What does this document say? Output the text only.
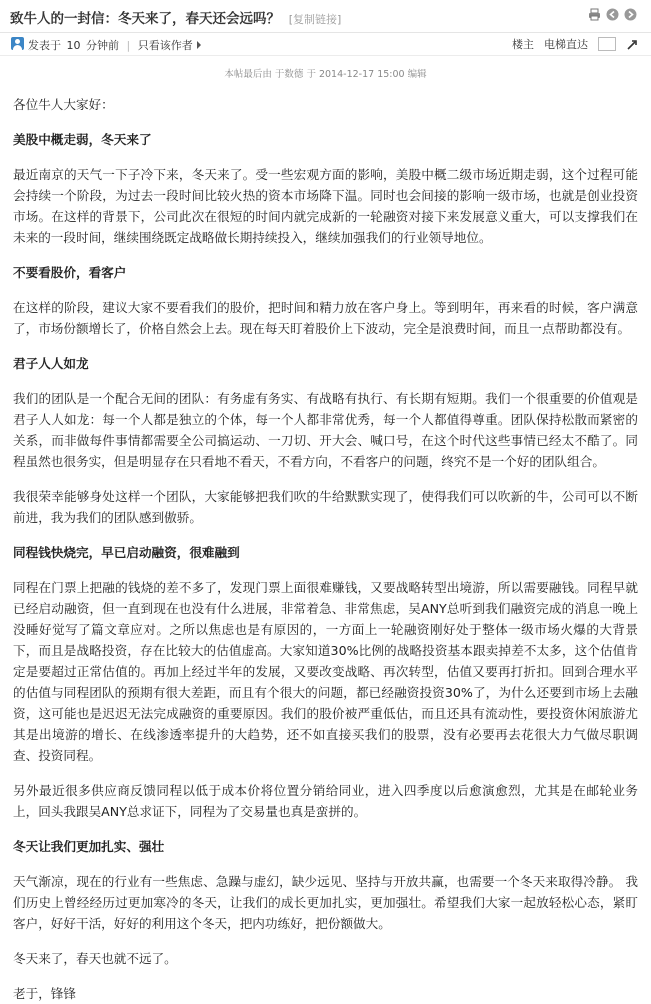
致牛人的一封信：冬天来了，春天还会远吗？ [复制链接]
发表于 10 分钟前 | 只看该作者	楼主 电梯直达
本帖最后由 于数德 于 2014-12-17 15:00 编辑

各位牛人大家好：

美股中概走弱，冬天来了

最近南京的天气一下子冷下来，冬天来了。受一些宏观方面的影响，美股中概二级市场近期走弱，这个过程可能会持续一个阶段，为过去一段时间比较火热的资本市场降下温。同时也会间接的影响一级市场，也就是创业投资市场。在这样的背景下，公司此次在很短的时间内就完成新的一轮融资对接下来发展意义重大，可以支撑我们在未来的一段时间，继续围绕既定战略做长期持续投入，继续加强我们的行业领导地位。

不要看股价，看客户

在这样的阶段，建议大家不要看我们的股价，把时间和精力放在客户身上。等到明年，再来看的时候，客户满意了，市场份额增长了，价格自然会上去。现在每天盯着股价上下波动，完全是浪费时间，而且一点帮助都没有。

君子人人如龙

我们的团队是一个配合无间的团队：有务虚有务实、有战略有执行、有长期有短期。我们一个很重要的价值观是君子人人如龙：每一个人都是独立的个体，每一个人都非常优秀，每一个人都值得尊重。团队保持松散而紧密的关系，而非做每件事情都需要全公司搞运动、一刀切、开大会、喊口号，在这个时代这些事情已经太不酷了。同程虽然也很务实，但是明显存在只看地不看天，不看方向，不看客户的问题，终究不是一个好的团队组合。

我很荣幸能够身处这样一个团队，大家能够把我们吹的牛给默默实现了，使得我们可以吹新的牛，公司可以不断前进，我为我们的团队感到傲骄。

同程钱快烧完，早已启动融资，很难融到

同程在门票上把融的钱烧的差不多了，发现门票上面很难赚钱，又要战略转型出境游，所以需要融钱。同程早就已经启动融资，但一直到现在也没有什么进展，非常着急、非常焦虑，吴ANY总听到我们融资完成的消息一晚上没睡好觉写了篇文章应对。之所以焦虑也是有原因的，一方面上一轮融资刚好处于整体一级市场火爆的大背景下，而且是战略投资，存在比较大的估值虚高。大家知道30%比例的战略投资基本跟卖掉差不太多，这个估值肯定是要超过正常估值的。再加上经过半年的发展，又要改变战略、再次转型，估值又要再打折扣。回到合理水平的估值与同程团队的预期有很大差距，而且有个很大的问题，都已经融资投资30%了，为什么还要到市场上去融资，这可能也是迟迟无法完成融资的重要原因。我们的股价被严重低估，而且还具有流动性，要投资休闲旅游尤其是出境游的增长、在线渗透率提升的大趋势，还不如直接买我们的股票，没有必要再去花很大力气做尽职调查、投资同程。

另外最近很多供应商反馈同程以低于成本价将位置分销给同业，进入四季度以后愈演愈烈，尤其是在邮轮业务上，回头我跟吴ANY总求证下，同程为了交易量也真是蛮拼的。

冬天让我们更加扎实、强壮

天气渐凉，现在的行业有一些焦虑、急躁与虚幻，缺少远见、坚持与开放共赢，也需要一个冬天来取得冷静。 我们历史上曾经经历过更加寒冷的冬天，让我们的成长更加扎实，更加强壮。希望我们大家一起放轻松心态，紧盯客户，好好干活，好好的利用这个冬天，把内功练好，把份额做大。

冬天来了，春天也就不远了。

老于，锋锋
